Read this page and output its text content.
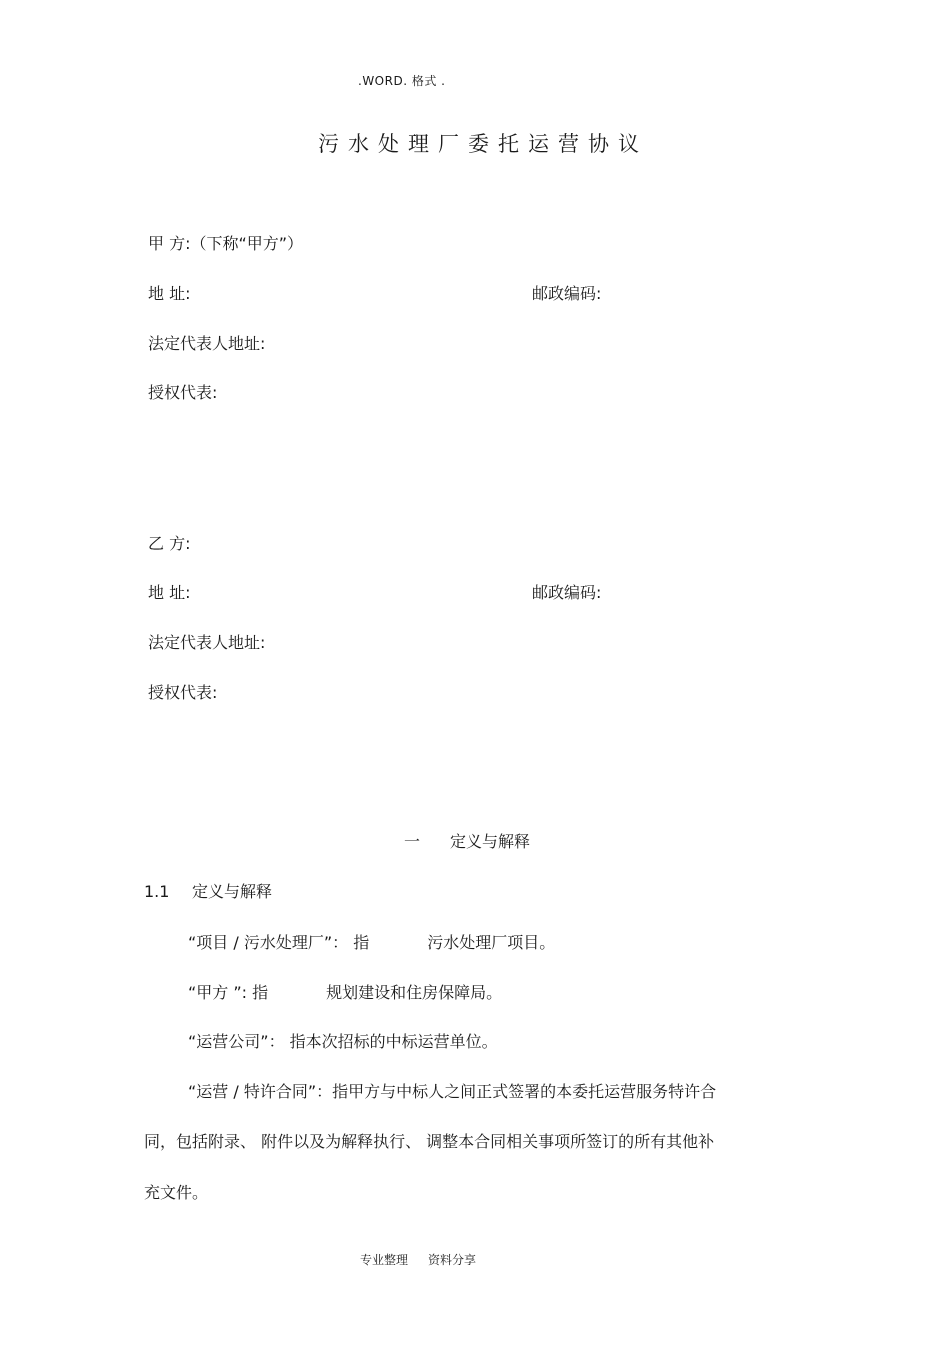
.WORD. 格式 .
污水处理厂委托运营协议
甲 方:（下称“甲方”）
地 址:	邮政编码:
法定代表人地址:
授权代表:
乙 方:
地 址:	邮政编码:
法定代表人地址:
授权代表:
一 定义与解释
1.1 定义与解释
“项目 / 污水处理厂”： 指	污水处理厂项目。
“甲方 ”: 指	规划建设和住房保障局。
“运营公司”： 指本次招标的中标运营单位。
“运营 / 特许合同”：指甲方与中标人之间正式签署的本委托运营服务特许合
同，包括附录、 附件以及为解释执行、 调整本合同相关事项所签订的所有其他补
充文件。
专业整理 资料分享
